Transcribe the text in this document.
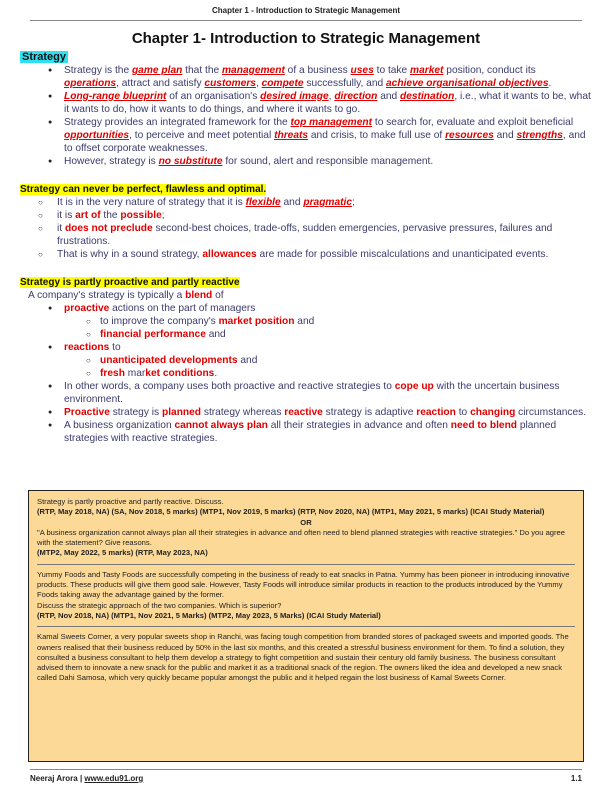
Chapter 1 - Introduction to Strategic Management
Chapter 1- Introduction to Strategic Management
Strategy
● Strategy is the game plan that the management of a business uses to take market position, conduct its operations, attract and satisfy customers, compete successfully, and achieve organisational objectives.
● Long-range blueprint of an organisation's desired image, direction and destination, i.e., what it wants to be, what it wants to do, how it wants to do things, and where it wants to go.
● Strategy provides an integrated framework for the top management to search for, evaluate and exploit beneficial opportunities, to perceive and meet potential threats and crisis, to make full use of resources and strengths, and to offset corporate weaknesses.
● However, strategy is no substitute for sound, alert and responsible management.
Strategy can never be perfect, flawless and optimal.
○ It is in the very nature of strategy that it is flexible and pragmatic;
○ it is art of the possible;
○ it does not preclude second-best choices, trade-offs, sudden emergencies, pervasive pressures, failures and frustrations.
○ That is why in a sound strategy, allowances are made for possible miscalculations and unanticipated events.
Strategy is partly proactive and partly reactive

A company's strategy is typically a blend of

● proactive actions on the part of managers
○ to improve the company's market position and
○ financial performance and
● reactions to
○ unanticipated developments and
○ fresh market conditions.
● In other words, a company uses both proactive and reactive strategies to cope up with the uncertain business environment.
● Proactive strategy is planned strategy whereas reactive strategy is adaptive reaction to changing circumstances.
● A business organization cannot always plan all their strategies in advance and often need to blend planned strategies with reactive strategies.

Strategy is partly proactive and partly reactive. Discuss.

(RTP, May 2018, NA) (SA, Nov 2018, 5 marks) (MTP1, Nov 2019, 5 marks) (RTP, Nov 2020, NA) (MTP1, May 2021, 5 marks) (ICAI Study Material)

OR

"A business organization cannot always plan all their strategies in advance and often need to blend planned strategies with reactive strategies." Do you agree with the statement? Give reasons.

(MTP2, May 2022, 5 marks) (RTP, May 2023, NA)

Yummy Foods and Tasty Foods are successfully competing in the business of ready to eat snacks in Patna. Yummy has been pioneer in introducing innovative products. These products will give them good sale. However, Tasty Foods will introduce similar products in reaction to the products introduced by the Yummy Foods taking away the advantage gained by the former.

Discuss the strategic approach of the two companies. Which is superior?

(RTP, Nov 2018, NA) (MTP1, Nov 2021, 5 Marks) (MTP2, May 2023, 5 Marks) (ICAI Study Material)

Kamal Sweets Corner, a very popular sweets shop in Ranchi, was facing tough competition from branded stores of packaged sweets and imported goods. The owners realised that their business reduced by 50% in the last six months, and this created a stressful business environment for them. To find a solution, they consulted a business consultant to help them develop a strategy to fight competition and sustain their century old family business. The business consultant advised them to innovate a new snack for the public and market it as a traditional snack of the region. The owners liked the idea and developed a new snack called Dahi Samosa, which very quickly became popular amongst the public and it helped regain the lost business of Kamal Sweets Corner.

Neeraj Arora | www.edu91.org	1.1
